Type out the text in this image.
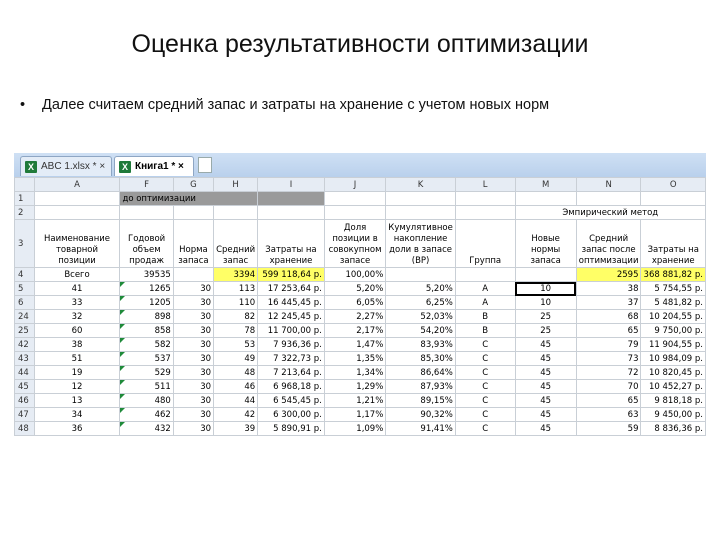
Оценка результативности оптимизации
• Далее считаем средний запас и затраты на хранение с учетом новых норм
X ABC 1.xlsx * ×	X Книга1 * ×
	A	F	G	H	I	J	K	L	M	N	O
1		до оптимизации									
2									Эмпирический метод		
3	Наименование товарной позиции	Годовой объем продаж	Норма запаса	Средний запас	Затраты на хранение	Доля позиции в совокупном запасе	Кумулятивное накопление доли в запасе (ВР)	Группа	Новые нормы запаса	Средний запас после оптимизации	Затраты на хранение
4	Всего	39535		3394	599 118,64 р.	100,00%				2595	368 881,82 р.
5	41	1265	30	113	17 253,64 р.	5,20%	5,20%	A	10	38	5 754,55 р.
6	33	1205	30	110	16 445,45 р.	6,05%	6,25%	A	10	37	5 481,82 р.
24	32	898	30	82	12 245,45 р.	2,27%	52,03%	B	25	68	10 204,55 р.
25	60	858	30	78	11 700,00 р.	2,17%	54,20%	B	25	65	9 750,00 р.
42	38	582	30	53	7 936,36 р.	1,47%	83,93%	C	45	79	11 904,55 р.
43	51	537	30	49	7 322,73 р.	1,35%	85,30%	C	45	73	10 984,09 р.
44	19	529	30	48	7 213,64 р.	1,34%	86,64%	C	45	72	10 820,45 р.
45	12	511	30	46	6 968,18 р.	1,29%	87,93%	C	45	70	10 452,27 р.
46	13	480	30	44	6 545,45 р.	1,21%	89,15%	C	45	65	9 818,18 р.
47	34	462	30	42	6 300,00 р.	1,17%	90,32%	C	45	63	9 450,00 р.
48	36	432	30	39	5 890,91 р.	1,09%	91,41%	C	45	59	8 836,36 р.
